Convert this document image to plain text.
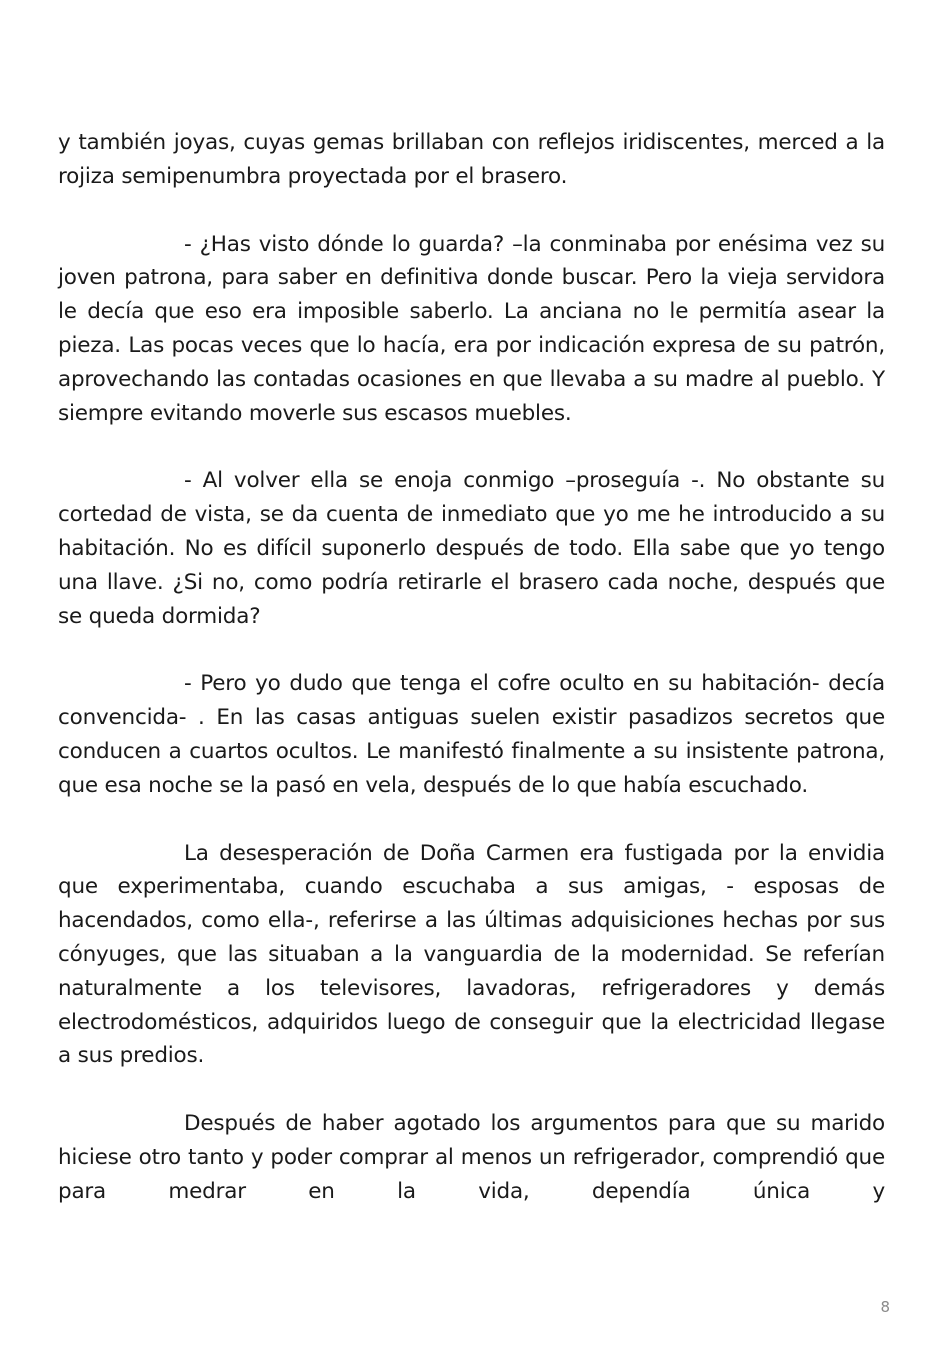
y también joyas, cuyas gemas brillaban con reflejos iridiscentes, merced a la rojiza semipenumbra proyectada por el brasero.

- ¿Has visto dónde lo guarda? –la conminaba por enésima vez su joven patrona, para saber en definitiva donde buscar. Pero la vieja servidora le decía que eso era imposible saberlo. La anciana no le permitía asear la pieza. Las pocas veces que lo hacía, era por indicación expresa de su patrón, aprovechando las contadas ocasiones en que llevaba a su madre al pueblo. Y siempre evitando moverle sus escasos muebles.

- Al volver ella se enoja conmigo –proseguía -. No obstante su cortedad de vista, se da cuenta de inmediato que yo me he introducido a su habitación. No es difícil suponerlo después de todo. Ella sabe que yo tengo una llave. ¿Si no, como podría retirarle el brasero cada noche, después que se queda dormida?

- Pero yo dudo que tenga el cofre oculto en su habitación- decía convencida- . En las casas antiguas suelen existir pasadizos secretos que conducen a cuartos ocultos. Le manifestó finalmente a su insistente patrona, que esa noche se la pasó en vela, después de lo que había escuchado.

La desesperación de Doña Carmen era fustigada por la envidia que experimentaba, cuando escuchaba a sus amigas, - esposas de hacendados, como ella-, referirse a las últimas adquisiciones hechas por sus cónyuges, que las situaban a la vanguardia de la modernidad. Se referían naturalmente a los televisores, lavadoras, refrigeradores y demás electrodomésticos, adquiridos luego de conseguir que la electricidad llegase a sus predios.

Después de haber agotado los argumentos para que su marido hiciese otro tanto y poder comprar al menos un refrigerador, comprendió que para medrar en la vida, dependía única y

8
